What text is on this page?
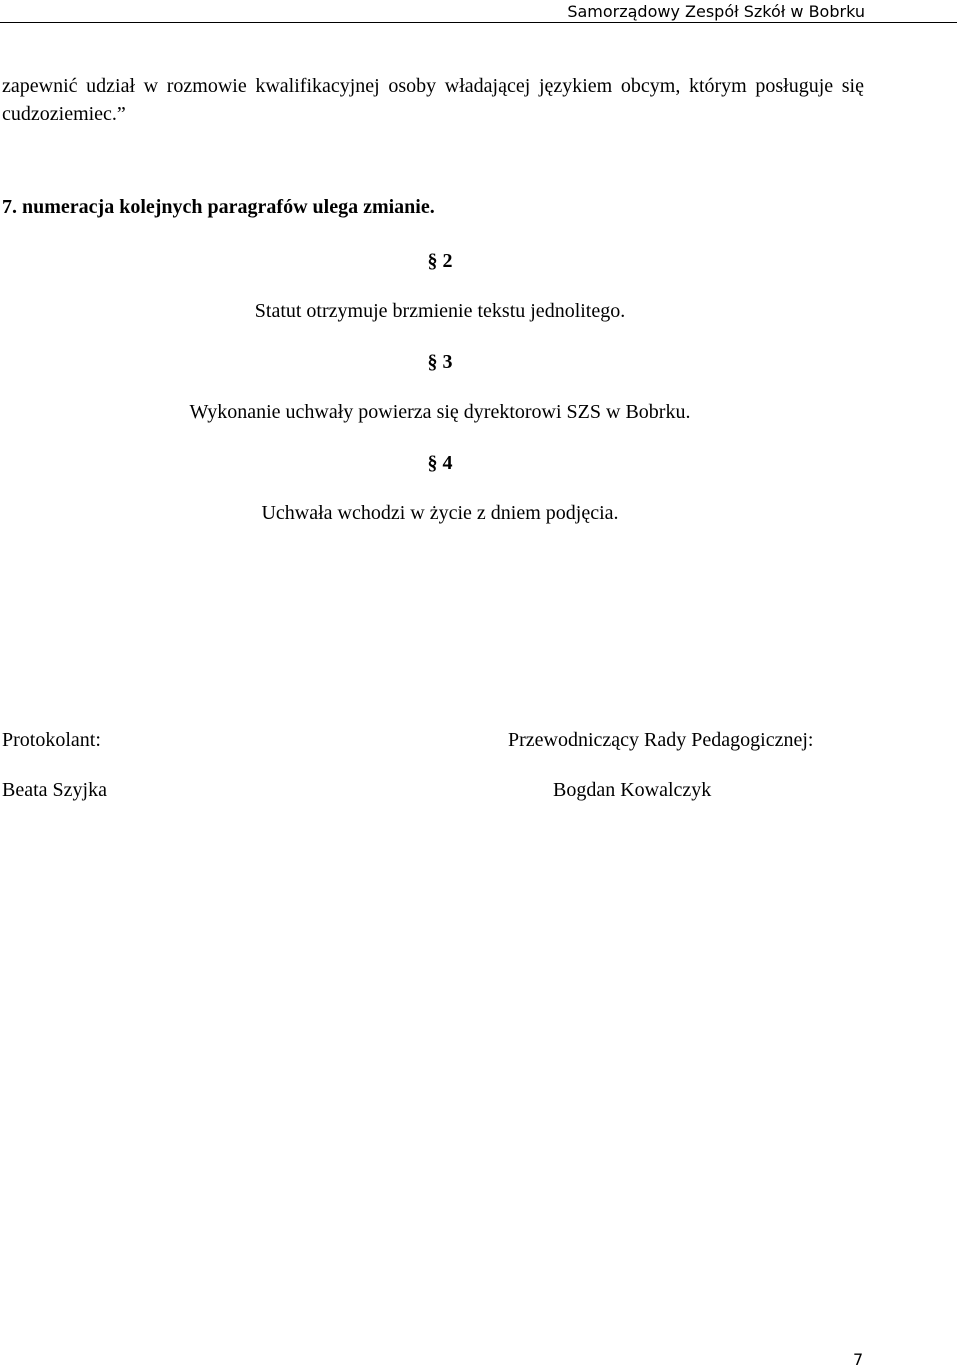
Samorządowy Zespół Szkół w Bobrku
zapewnić udział w rozmowie kwalifikacyjnej osoby władającej językiem obcym, którym posługuje się cudzoziemiec.”
7. numeracja kolejnych paragrafów ulega zmianie.
§ 2
Statut otrzymuje brzmienie tekstu jednolitego.
§ 3
Wykonanie uchwały powierza się dyrektorowi SZS w Bobrku.
§ 4
Uchwała wchodzi w życie z dniem podjęcia.
Protokolant:
Beata Szyjka
Przewodniczący Rady Pedagogicznej:
Bogdan Kowalczyk
7
